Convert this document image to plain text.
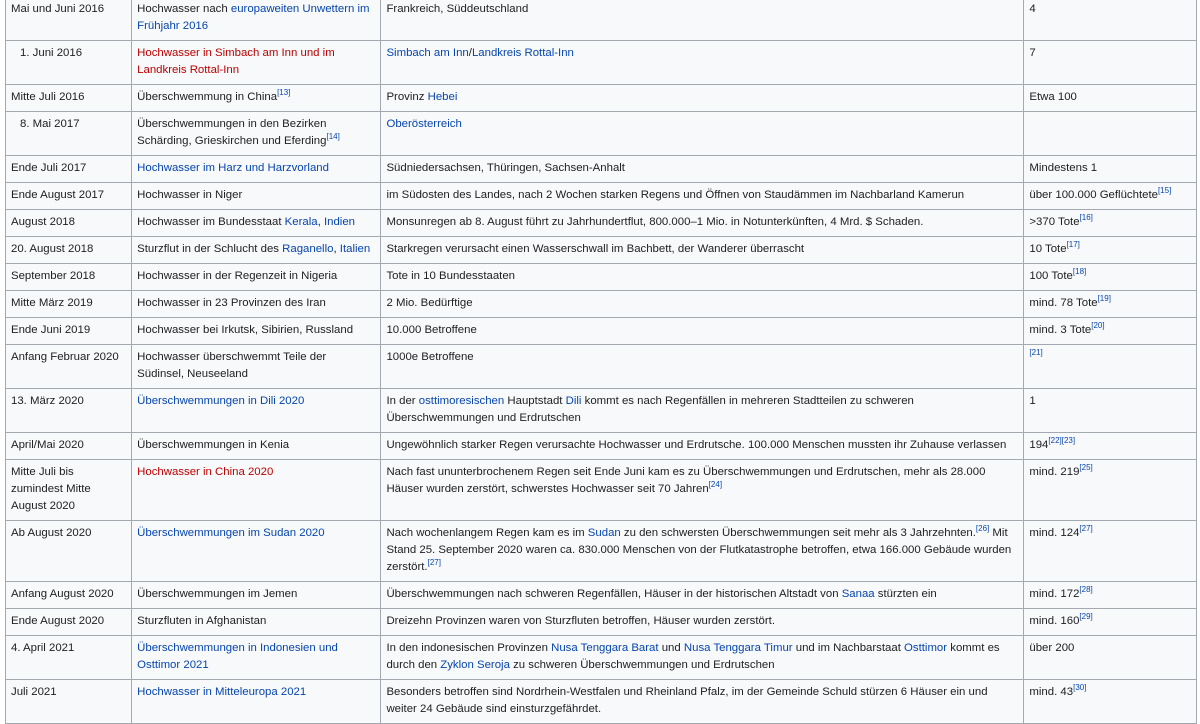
Mai und Juni 2016	Hochwasser nach europaweiten Unwettern im Frühjahr 2016	Frankreich, Süddeutschland	4
1. Juni 2016	Hochwasser in Simbach am Inn und im Landkreis Rottal-Inn	Simbach am Inn/Landkreis Rottal-Inn	7
Mitte Juli 2016	Überschwemmung in China[13]	Provinz Hebei	Etwa 100
8. Mai 2017	Überschwemmungen in den Bezirken Schärding, Grieskirchen und Eferding[14]	Oberösterreich	
Ende Juli 2017	Hochwasser im Harz und Harzvorland	Südniedersachsen, Thüringen, Sachsen-Anhalt	Mindestens 1
Ende August 2017	Hochwasser in Niger	im Südosten des Landes, nach 2 Wochen starken Regens und Öffnen von Staudämmen im Nachbarland Kamerun	über 100.000 Geflüchtete[15]
August 2018	Hochwasser im Bundesstaat Kerala, Indien	Monsunregen ab 8. August führt zu Jahrhundertflut, 800.000–1 Mio. in Notunterkünften, 4 Mrd. $ Schaden.	>370 Tote[16]
20. August 2018	Sturzflut in der Schlucht des Raganello, Italien	Starkregen verursacht einen Wasserschwall im Bachbett, der Wanderer überrascht	10 Tote[17]
September 2018	Hochwasser in der Regenzeit in Nigeria	Tote in 10 Bundesstaaten	100 Tote[18]
Mitte März 2019	Hochwasser in 23 Provinzen des Iran	2 Mio. Bedürftige	mind. 78 Tote[19]
Ende Juni 2019	Hochwasser bei Irkutsk, Sibirien, Russland	10.000 Betroffene	mind. 3 Tote[20]
Anfang Februar 2020	Hochwasser überschwemmt Teile der Südinsel, Neuseeland	1000e Betroffene	[21]
13. März 2020	Überschwemmungen in Dili 2020	In der osttimoresischen Hauptstadt Dili kommt es nach Regenfällen in mehreren Stadtteilen zu schweren Überschwemmungen und Erdrutschen	1
April/Mai 2020	Überschwemmungen in Kenia	Ungewöhnlich starker Regen verursachte Hochwasser und Erdrutsche. 100.000 Menschen mussten ihr Zuhause verlassen	194[22][23]
Mitte Juli bis zumindest Mitte August 2020	Hochwasser in China 2020	Nach fast ununterbrochenem Regen seit Ende Juni kam es zu Überschwemmungen und Erdrutschen, mehr als 28.000 Häuser wurden zerstört, schwerstes Hochwasser seit 70 Jahren[24]	mind. 219[25]
Ab August 2020	Überschwemmungen im Sudan 2020	Nach wochenlangem Regen kam es im Sudan zu den schwersten Überschwemmungen seit mehr als 3 Jahrzehnten.[26] Mit Stand 25. September 2020 waren ca. 830.000 Menschen von der Flutkatastrophe betroffen, etwa 166.000 Gebäude wurden zerstört.[27]	mind. 124[27]
Anfang August 2020	Überschwemmungen im Jemen	Überschwemmungen nach schweren Regenfällen, Häuser in der historischen Altstadt von Sanaa stürzten ein	mind. 172[28]
Ende August 2020	Sturzfluten in Afghanistan	Dreizehn Provinzen waren von Sturzfluten betroffen, Häuser wurden zerstört.	mind. 160[29]
4. April 2021	Überschwemmungen in Indonesien und Osttimor 2021	In den indonesischen Provinzen Nusa Tenggara Barat und Nusa Tenggara Timur und im Nachbarstaat Osttimor kommt es durch den Zyklon Seroja zu schweren Überschwemmungen und Erdrutschen	über 200
Juli 2021	Hochwasser in Mitteleuropa 2021	Besonders betroffen sind Nordrhein-Westfalen und Rheinland Pfalz, im der Gemeinde Schuld stürzen 6 Häuser ein und weiter 24 Gebäude sind einsturzgefährdet.	mind. 43[30]
